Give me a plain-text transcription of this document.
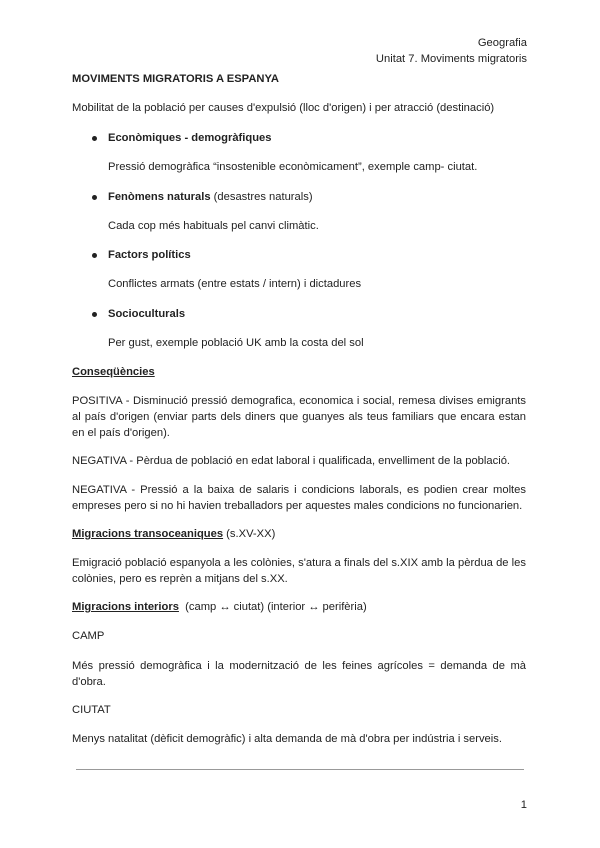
Geografia
Unitat 7. Moviments migratoris
MOVIMENTS MIGRATORIS A ESPANYA
Mobilitat de la població per causes d'expulsió (lloc d'origen) i per atracció (destinació)
Econòmiques - demogràfiques
Pressió demogràfica “insostenible econòmicament”, exemple camp- ciutat.
Fenòmens naturals (desastres naturals)
Cada cop més habituals pel canvi climàtic.
Factors polítics
Conflictes armats (entre estats / intern) i dictadures
Socioculturals
Per gust, exemple població UK amb la costa del sol
Conseqüències
POSITIVA - Disminució pressió demografica, economica i social, remesa divises emigrants al país d'origen (enviar parts dels diners que guanyes als teus familiars que encara estan en el país d'origen).
NEGATIVA - Pèrdua de població en edat laboral i qualificada, envelliment de la població.
NEGATIVA - Pressió a la baixa de salaris i condicions laborals, es podien crear moltes empreses pero si no hi havien treballadors per aquestes males condicions no funcionarien.
Migracions transoceaniques (s.XV-XX)
Emigració població espanyola a les colònies, s'atura a finals del s.XIX amb la pèrdua de les colònies, pero es reprèn a mitjans del s.XX.
Migracions interiors  (camp ↔ ciutat) (interior ↔ perifèria)
CAMP
Més pressió demogràfica i la modernització de les feines agrícoles = demanda de mà d'obra.
CIUTAT
Menys natalitat (dèficit demogràfic) i alta demanda de mà d'obra per indústria i serveis.
1
